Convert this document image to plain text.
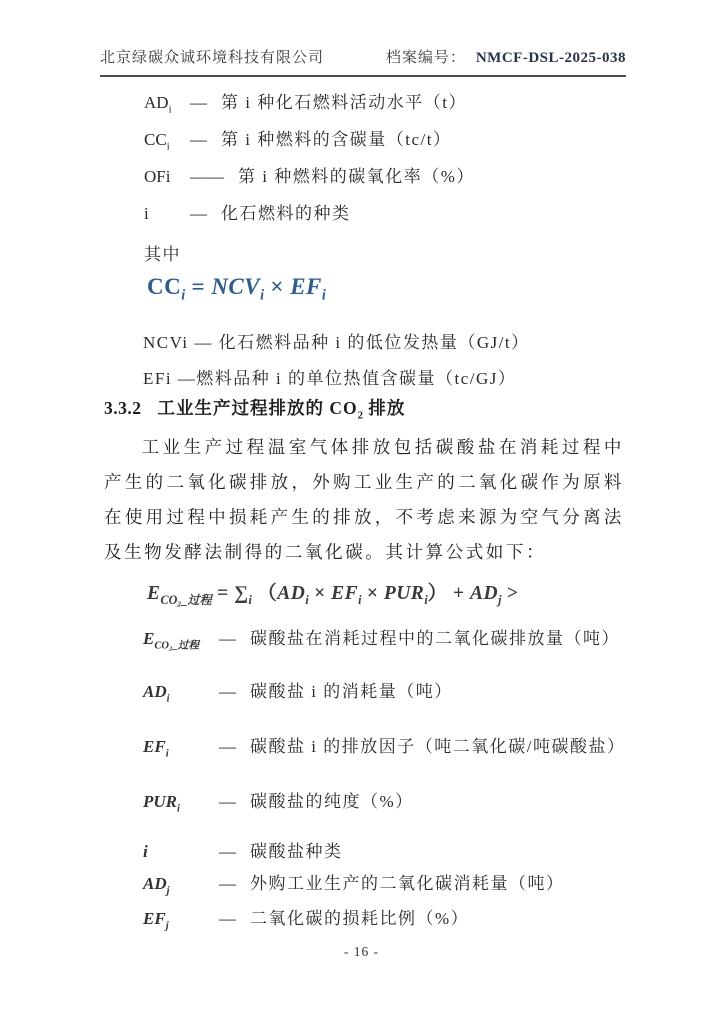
北京绿碳众诚环境科技有限公司	档案编号： NMCF-DSL-2025-038
$AD_i$	— 第 i 种化石燃料活动水平（t）
$CC_i$	— 第 i 种燃料的含碳量（tc/t）
OFi	—— 第 i 种燃料的碳氧化率（%）
i	— 化石燃料的种类
其中
$CC_i = NCV_i \times EF_i$
NCVi — 化石燃料品种 i 的低位发热量（GJ/t）
EFi —燃料品种 i 的单位热值含碳量（tc/GJ）
3.3.2 工业生产过程排放的 $CO_2$ 排放
工业生产过程温室气体排放包括碳酸盐在消耗过程中产生的二氧化碳排放，外购工业生产的二氧化碳作为原料在使用过程中损耗产生的排放，不考虑来源为空气分离法及生物发酵法制得的二氧化碳。其计算公式如下：
$E_{CO_2\_过程} = \sum_i$ $(AD_i \times EF_i \times PUR_i) + AD_j$ >
$E_{CO_2\_过程}$	— 碳酸盐在消耗过程中的二氧化碳排放量（吨）
$AD_i$	— 碳酸盐 i 的消耗量（吨）
$EF_i$	— 碳酸盐 i 的排放因子（吨二氧化碳/吨碳酸盐）
$PUR_i$	— 碳酸盐的纯度（%）
i	— 碳酸盐种类
$AD_j$	— 外购工业生产的二氧化碳消耗量（吨）
$EF_j$	— 二氧化碳的损耗比例（%）
- 16 -
